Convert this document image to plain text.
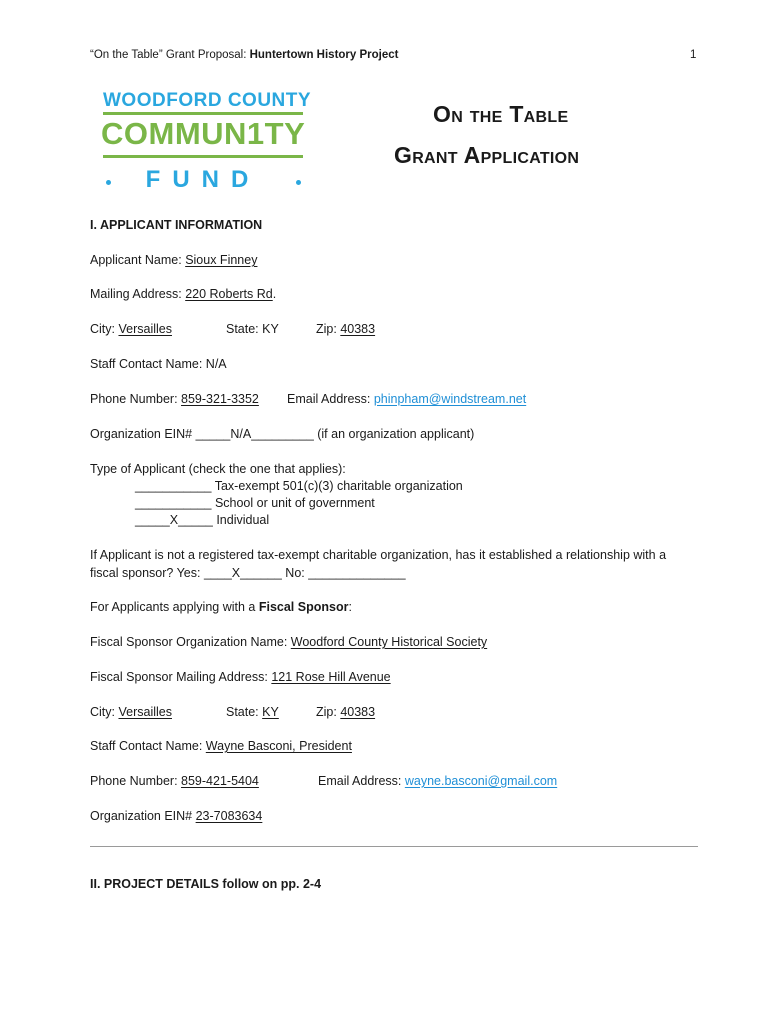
“On the Table” Grant Proposal: Huntertown History Project	1
WOODFORD COUNTY
COMMUN1TY
FUND
On the Table
Grant Application
I. APPLICANT INFORMATION
Applicant Name: Sioux Finney
Mailing Address: 220 Roberts Rd.
City: Versailles	State: KY	Zip: 40383
Staff Contact Name: N/A
Phone Number: 859-321-3352 Email Address: phinpham@windstream.net
Organization EIN# _____N/A_________ (if an organization applicant)
Type of Applicant (check the one that applies):
___________ Tax-exempt 501(c)(3) charitable organization
___________ School or unit of government
_____X_____ Individual
If Applicant is not a registered tax-exempt charitable organization, has it established a relationship with a
fiscal sponsor? Yes: ____X______ No: ______________
For Applicants applying with a Fiscal Sponsor:
Fiscal Sponsor Organization Name: Woodford County Historical Society
Fiscal Sponsor Mailing Address: 121 Rose Hill Avenue
City: Versailles	State: KY	Zip: 40383
Staff Contact Name: Wayne Basconi, President
Phone Number: 859-421-5404	Email Address: wayne.basconi@gmail.com
Organization EIN# 23-7083634
II. PROJECT DETAILS follow on pp. 2-4
